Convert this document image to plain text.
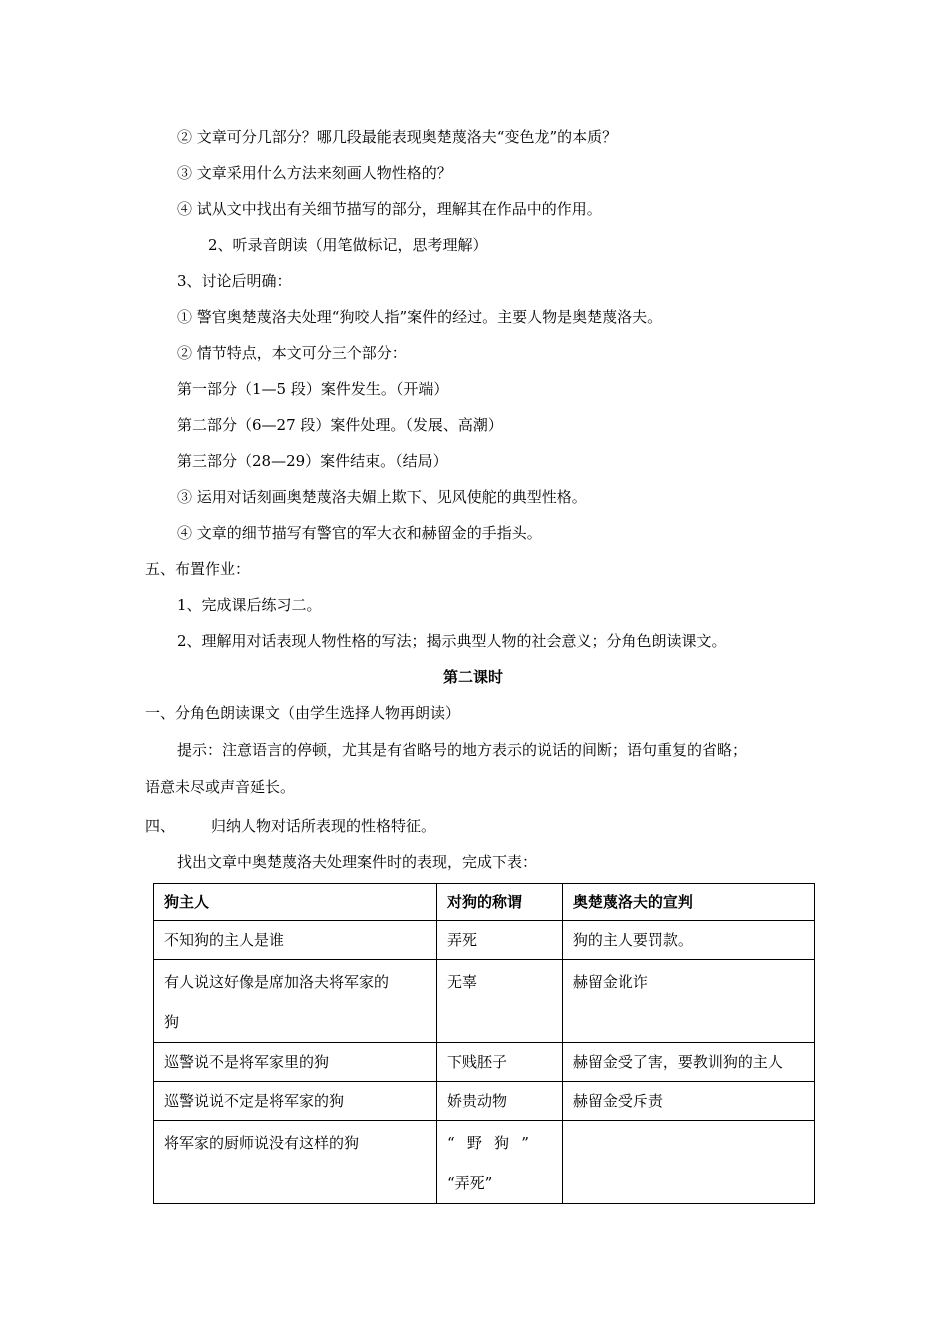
② 文章可分几部分？哪几段最能表现奥楚蔑洛夫“变色龙”的本质？
③ 文章采用什么方法来刻画人物性格的？
④ 试从文中找出有关细节描写的部分，理解其在作品中的作用。
2、听录音朗读（用笔做标记，思考理解）
3、讨论后明确：
① 警官奥楚蔑洛夫处理“狗咬人指”案件的经过。主要人物是奥楚蔑洛夫。
② 情节特点，本文可分三个部分：
第一部分（1—5 段）案件发生。（开端）
第二部分（6—27 段）案件处理。（发展、高潮）
第三部分（28—29）案件结束。（结局）
③ 运用对话刻画奥楚蔑洛夫媚上欺下、见风使舵的典型性格。
④ 文章的细节描写有警官的军大衣和赫留金的手指头。
五、布置作业：
1、完成课后练习二。
2、理解用对话表现人物性格的写法；揭示典型人物的社会意义；分角色朗读课文。
第二课时
一、分角色朗读课文（由学生选择人物再朗读）
提示：注意语言的停顿，尤其是有省略号的地方表示的说话的间断；语句重复的省略；
语意未尽或声音延长。
四、 归纳人物对话所表现的性格特征。
找出文章中奥楚蔑洛夫处理案件时的表现，完成下表：
狗主人	对狗的称谓	奥楚蔑洛夫的宣判
不知狗的主人是谁	弄死	狗的主人要罚款。

有人说这好像是席加洛夫将军家的
狗	无辜	赫留金讹诈
巡警说不是将军家里的狗	下贱胚子	赫留金受了害，要教训狗的主人
巡警说说不定是将军家的狗	娇贵动物	赫留金受斥责
将军家的厨师说没有这样的狗	“ 野 狗 ”
“弄死”	
